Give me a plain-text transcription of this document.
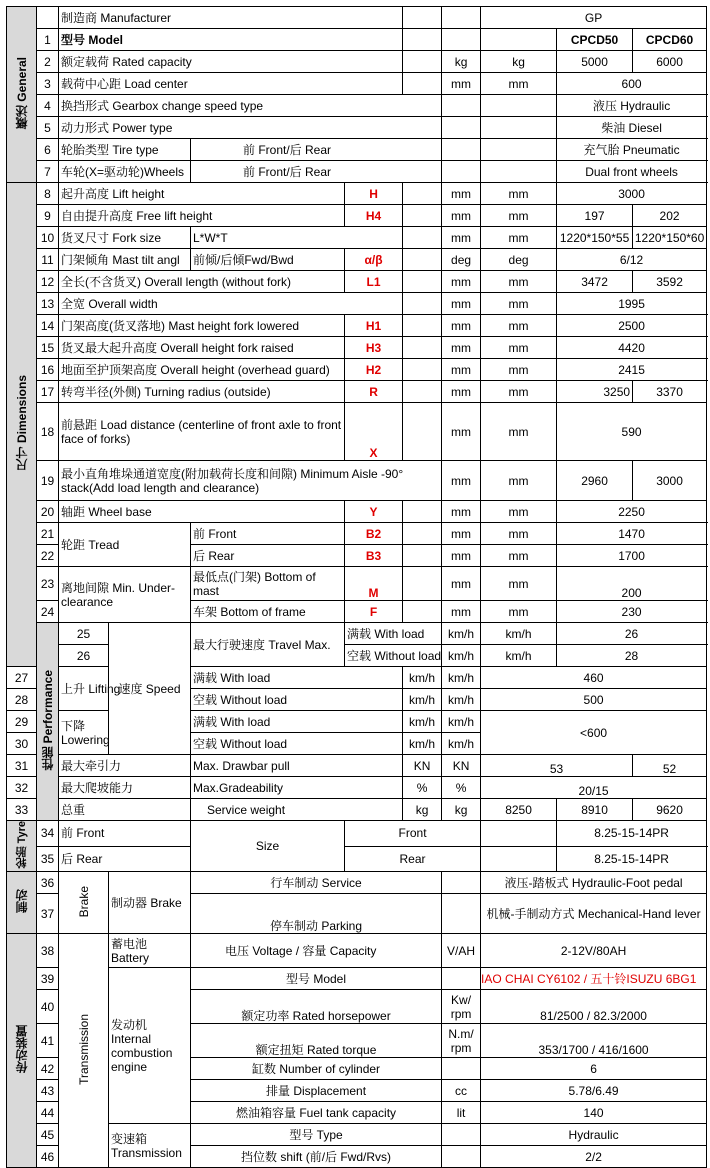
概述 General		制造商 Manufacturer						GP			
	1	型号 Model							CPCD50	CPCD60	
	2	额定载荷 Rated capacity					kg	kg	5000	6000	
	3	载荷中心距 Load center					mm	mm	600		
	4	换挡形式 Gearbox change speed type							液压 Hydraulic		
	5	动力形式 Power type							柴油 Diesel		
	6	轮胎类型 Tire type		前 Front/后 Rear					充气胎 Pneumatic		
	7	车轮(X=驱动轮)Wheels		前 Front/后 Rear					Dual front wheels		
尺寸 Dimensions	8	起升高度 Lift height			H		mm	mm	3000		
	9	自由提升高度 Free lift height			H4		mm	mm	197	202	
	10	货叉尺寸 Fork size		L*W*T			mm	mm	1220*150*55	1220*150*60	
	11	门架倾角 Mast tilt angl		前倾/后倾Fwd/Bwd	α/β		deg	deg	6/12		
	12	全长(不含货叉) Overall length (without fork)			L1		mm	mm	3472	3592	
	13	全宽 Overall width					mm	mm	1995		
	14	门架高度(货叉落地) Mast height fork lowered			H1		mm	mm	2500		
	15	货叉最大起升高度 Overall height fork raised			H3		mm	mm	4420		
	16	地面至护顶架高度 Overall height (overhead guard)			H2		mm	mm	2415		
	17	转弯半径(外侧) Turning radius (outside)			R		mm	mm	3250	3370	
	18	前悬距 Load distance (centerline of front axle to front face of forks)			X		mm	mm	590	
	19	最小直角堆垛通道宽度(附加载荷长度和间隙) Minimum Aisle -90° stack(Add load length and clearance)					mm	mm	2960	3000	
	20	轴距 Wheel base			Y		mm	mm	2250		
	21	轮距 Tread		前 Front	B2		mm	mm	1470		
	22			后 Rear	B3		mm	mm	1700		
	23	离地间隙 Min. Under-clearance		最低点(门架) Bottom of mast	M		mm	mm	200		
	24			车架 Bottom of frame	F		mm	mm	230		
	性能 Performance	25	速度 Speed	最大行驶速度 Travel Max.	满载 With load		km/h	km/h	26		
		26			空载 Without load		km/h	km/h	28		
27		上升 Lifting		满载 With load		km/h	km/h	460			
28				空载 Without load		km/h	km/h	500			
29		下降 Lowering		满载 With load		km/h	km/h	<600			
30				空载 Without load		km/h	km/h				
31		最大牵引力		Max. Drawbar pull		KN	KN	53		52	
32		最大爬坡能力		Max.Gradeability		%	%	20/15			
33		总重		Service weight		kg	kg	8250	8910	9620	
轮胎 Tyre	34	前 Front		Size	Front				8.25-15-14PR		
	35	后 Rear			Rear				8.25-15-14PR		
制动	36	Brake	制动器 Brake	行车制动 Service				液压-踏板式 Hydraulic-Foot pedal			
	37			停车制动 Parking				机械-手制动方式 Mechanical-Hand lever			
传动装置	38	Transmission	蓄电池 Battery	电压 Voltage / 容量 Capacity			V/AH	2-12V/80AH			
	39		发动机 Internal combustion engine	型号 Model				IAO CHAI CY6102 / 五十铃ISUZU 6BG1			
	40			额定功率 Rated horsepower			Kw/ rpm	81/2500 / 82.3/2000			
	41			额定扭矩 Rated torque			N.m/ rpm	353/1700 / 416/1600			
	42			缸数 Number of cylinder				6			
	43			排量 Displacement			cc	5.78/6.49			
	44			燃油箱容量 Fuel tank capacity			lit	140			
	45		变速箱 Transmission	型号 Type				Hydraulic			
	46			挡位数 shift (前/后 Fwd/Rvs)				2/2			
